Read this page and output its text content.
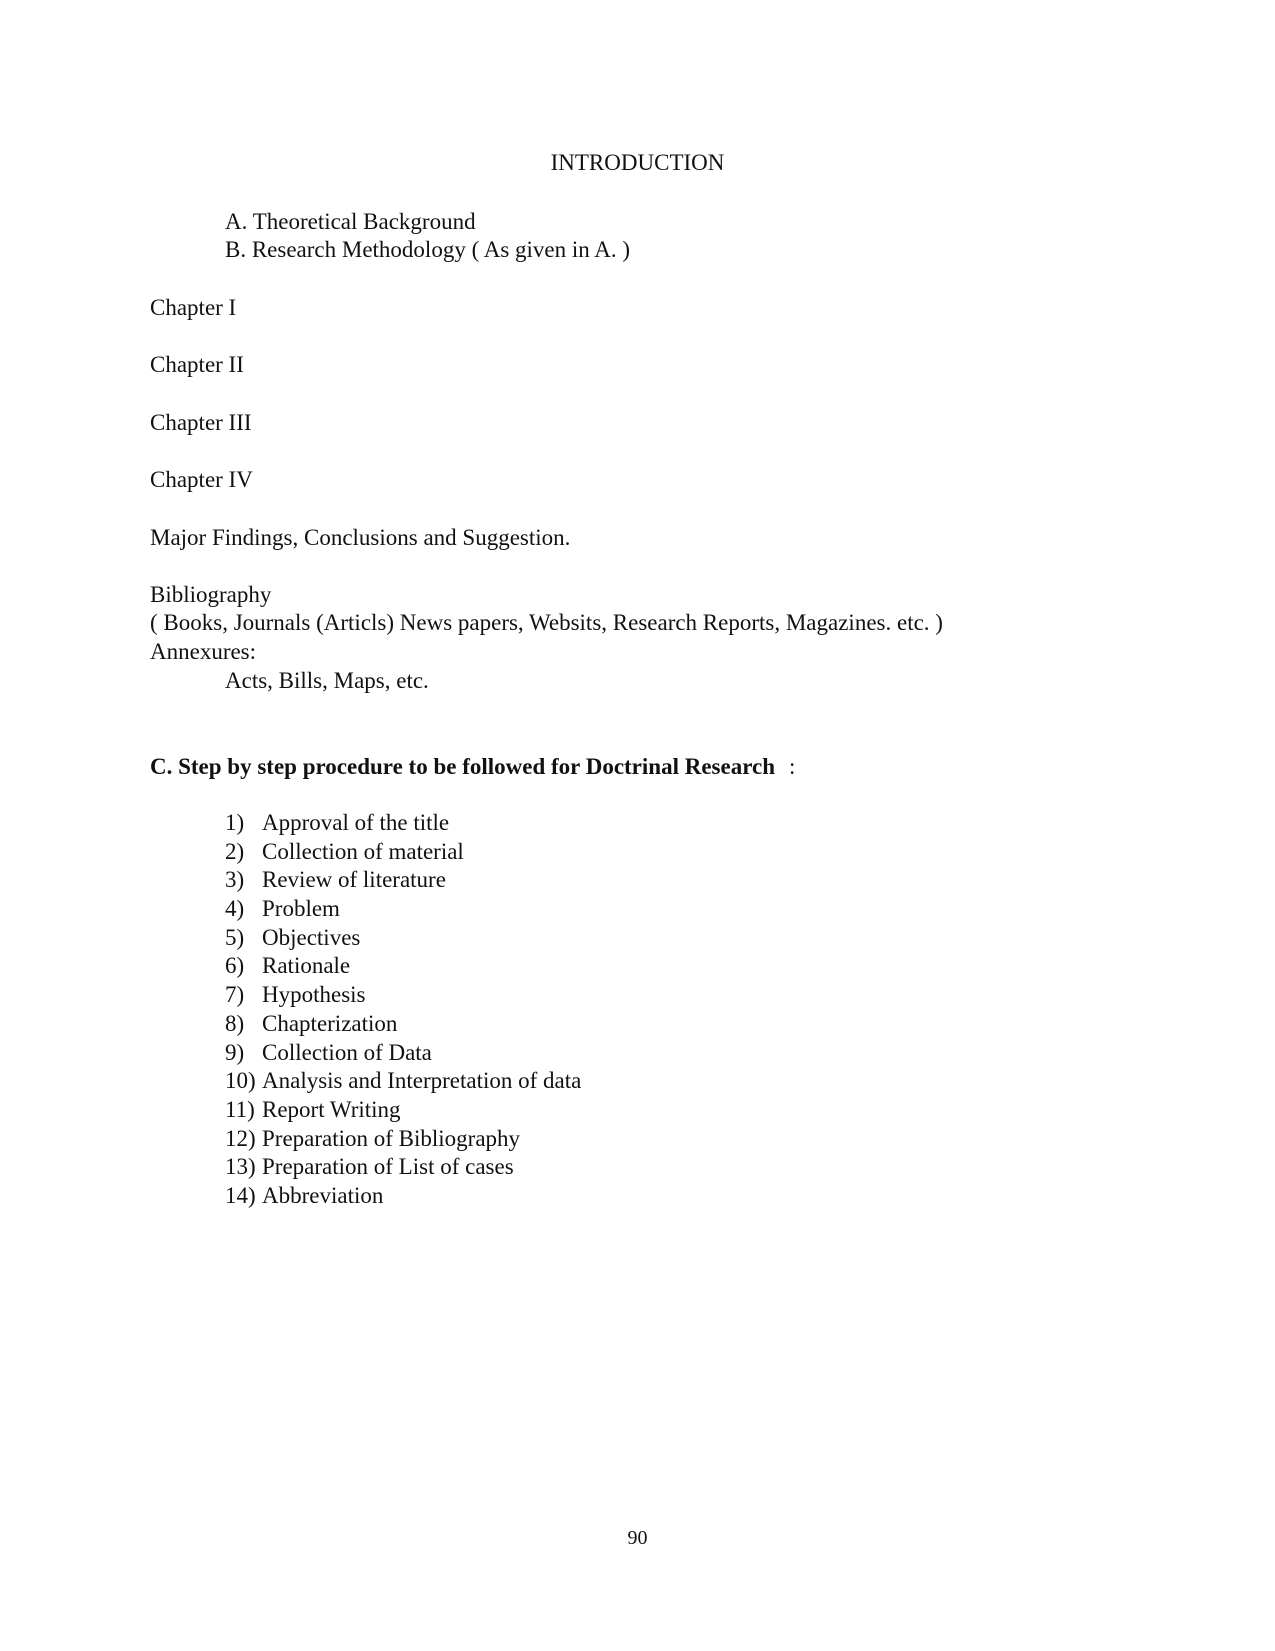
INTRODUCTION
A. Theoretical Background
B. Research Methodology ( As given in A. )
Chapter I
Chapter II
Chapter III
Chapter IV
Major Findings, Conclusions and Suggestion.
Bibliography
( Books, Journals (Articls) News papers, Websits, Research Reports, Magazines. etc. )
Annexures:
Acts, Bills, Maps, etc.
C. Step by step procedure to be followed for Doctrinal Research :
1) Approval of the title
2) Collection of material
3) Review of literature
4) Problem
5) Objectives
6) Rationale
7) Hypothesis
8) Chapterization
9) Collection of Data
10) Analysis and Interpretation of data
11) Report Writing
12) Preparation of Bibliography
13) Preparation of List of cases
14) Abbreviation
90
